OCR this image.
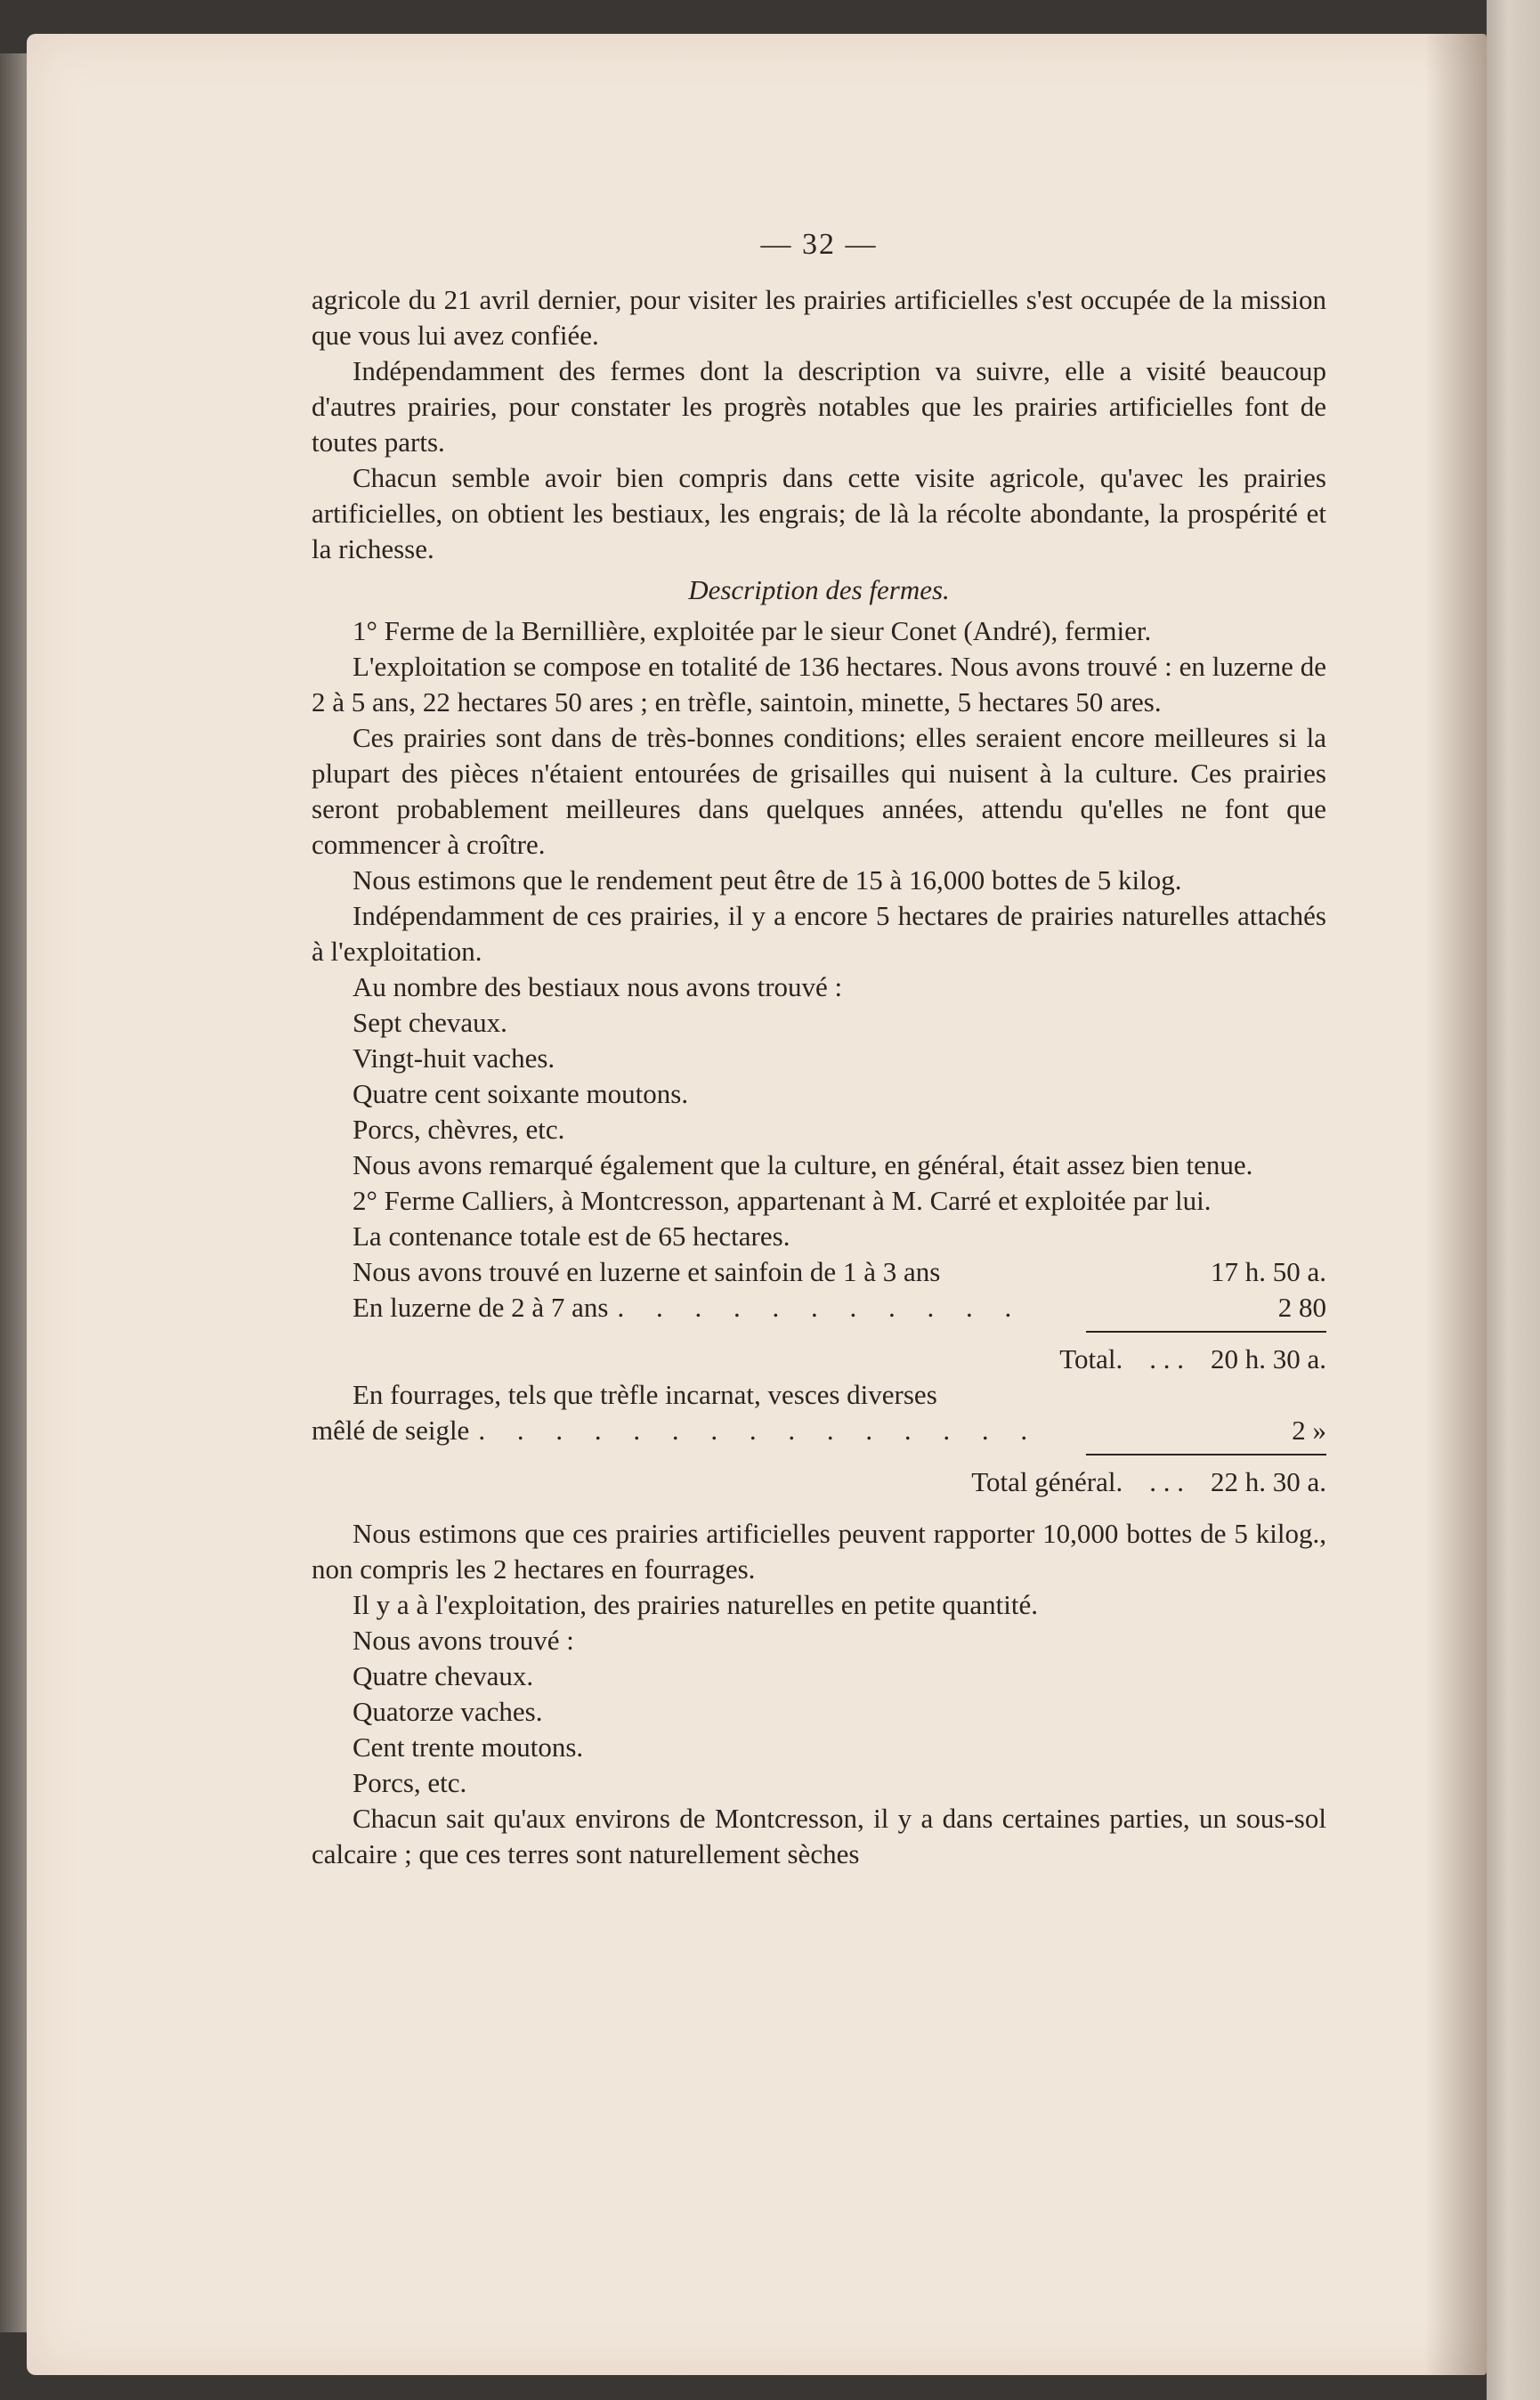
— 32 —

agricole du 21 avril dernier, pour visiter les prairies artificielles s'est occupée de la mission que vous lui avez confiée.

Indépendamment des fermes dont la description va suivre, elle a visité beaucoup d'autres prairies, pour constater les progrès notables que les prairies artificielles font de toutes parts.

Chacun semble avoir bien compris dans cette visite agricole, qu'avec les prairies artificielles, on obtient les bestiaux, les engrais; de là la récolte abondante, la prospérité et la richesse.

Description des fermes.

1° Ferme de la Bernillière, exploitée par le sieur Conet (André), fermier.

L'exploitation se compose en totalité de 136 hectares. Nous avons trouvé : en luzerne de 2 à 5 ans, 22 hectares 50 ares ; en trèfle, saintoin, minette, 5 hectares 50 ares.

Ces prairies sont dans de très-bonnes conditions; elles seraient encore meilleures si la plupart des pièces n'étaient entourées de grisailles qui nuisent à la culture. Ces prairies seront probablement meilleures dans quelques années, attendu qu'elles ne font que commencer à croître.

Nous estimons que le rendement peut être de 15 à 16,000 bottes de 5 kilog.

Indépendamment de ces prairies, il y a encore 5 hectares de prairies naturelles attachés à l'exploitation.

Au nombre des bestiaux nous avons trouvé :
Sept chevaux.
Vingt-huit vaches.
Quatre cent soixante moutons.
Porcs, chèvres, etc.

Nous avons remarqué également que la culture, en général, était assez bien tenue.

2° Ferme Calliers, à Montcresson, appartenant à M. Carré et exploitée par lui.

La contenance totale est de 65 hectares.

Nous avons trouvé en luzerne et sainfoin de 1 à 3 ans	17 h. 50 a.
En luzerne de 2 à 7 ans . . . . . . . . . . .	2 80
Total. . . . 20 h. 30 a.

En fourrages, tels que trèfle incarnat, vesces diverses

mêlé de seigle . . . . . . . . . . . . . . .	2 »
Total général. . . . 22 h. 30 a.

Nous estimons que ces prairies artificielles peuvent rapporter 10,000 bottes de 5 kilog., non compris les 2 hectares en fourrages.

Il y a à l'exploitation, des prairies naturelles en petite quantité.

Nous avons trouvé :
Quatre chevaux.
Quatorze vaches.
Cent trente moutons.
Porcs, etc.

Chacun sait qu'aux environs de Montcresson, il y a dans certaines parties, un sous-sol calcaire ; que ces terres sont naturellement sèches
